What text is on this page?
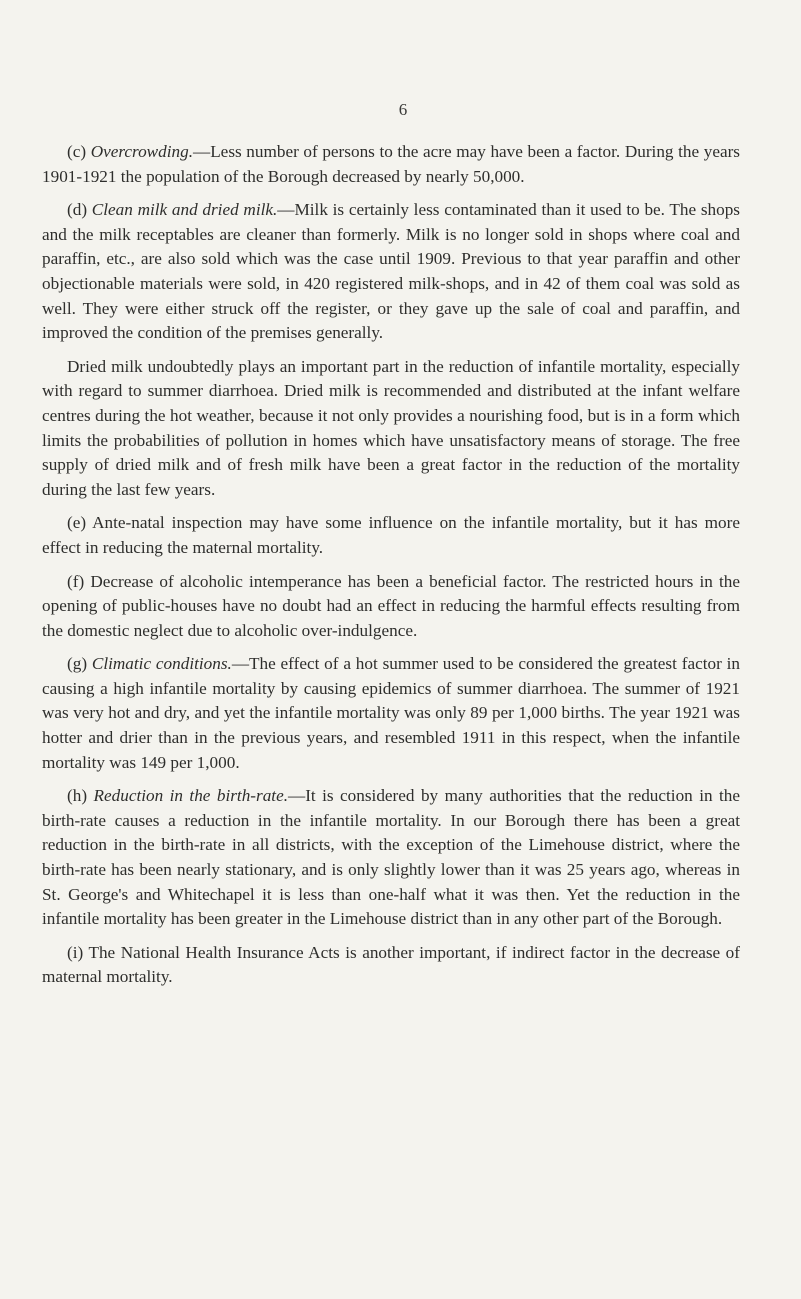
6

(c) Overcrowding.—Less number of persons to the acre may have been a factor. During the years 1901-1921 the population of the Borough decreased by nearly 50,000.

(d) Clean milk and dried milk.—Milk is certainly less contaminated than it used to be. The shops and the milk receptables are cleaner than formerly. Milk is no longer sold in shops where coal and paraffin, etc., are also sold which was the case until 1909. Previous to that year paraffin and other objectionable materials were sold, in 420 registered milk-shops, and in 42 of them coal was sold as well. They were either struck off the register, or they gave up the sale of coal and paraffin, and improved the condition of the premises generally.

Dried milk undoubtedly plays an important part in the reduction of infantile mortality, especially with regard to summer diarrhoea. Dried milk is recommended and distributed at the infant welfare centres during the hot weather, because it not only provides a nourishing food, but is in a form which limits the probabilities of pollution in homes which have unsatisfactory means of storage. The free supply of dried milk and of fresh milk have been a great factor in the reduction of the mortality during the last few years.

(e) Ante-natal inspection may have some influence on the infantile mortality, but it has more effect in reducing the maternal mortality.

(f) Decrease of alcoholic intemperance has been a beneficial factor. The restricted hours in the opening of public-houses have no doubt had an effect in reducing the harmful effects resulting from the domestic neglect due to alcoholic over-indulgence.

(g) Climatic conditions.—The effect of a hot summer used to be considered the greatest factor in causing a high infantile mortality by causing epidemics of summer diarrhoea. The summer of 1921 was very hot and dry, and yet the infantile mortality was only 89 per 1,000 births. The year 1921 was hotter and drier than in the previous years, and resembled 1911 in this respect, when the infantile mortality was 149 per 1,000.

(h) Reduction in the birth-rate.—It is considered by many authorities that the reduction in the birth-rate causes a reduction in the infantile mortality. In our Borough there has been a great reduction in the birth-rate in all districts, with the exception of the Limehouse district, where the birth-rate has been nearly stationary, and is only slightly lower than it was 25 years ago, whereas in St. George's and Whitechapel it is less than one-half what it was then. Yet the reduction in the infantile mortality has been greater in the Limehouse district than in any other part of the Borough.

(i) The National Health Insurance Acts is another important, if indirect factor in the decrease of maternal mortality.
